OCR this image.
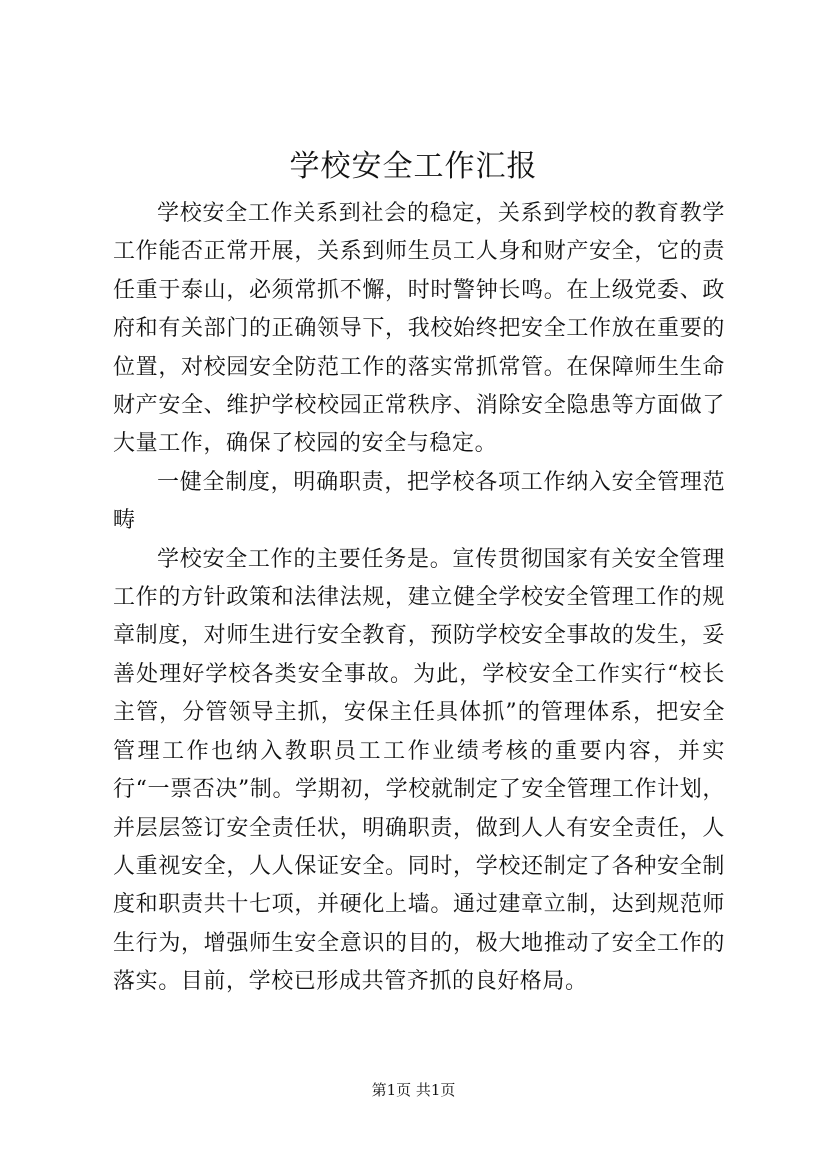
学校安全工作汇报

学校安全工作关系到社会的稳定，关系到学校的教育教学工作能否正常开展，关系到师生员工人身和财产安全，它的责任重于泰山，必须常抓不懈，时时警钟长鸣。在上级党委、政府和有关部门的正确领导下，我校始终把安全工作放在重要的位置，对校园安全防范工作的落实常抓常管。在保障师生生命财产安全、维护学校校园正常秩序、消除安全隐患等方面做了大量工作，确保了校园的安全与稳定。

一健全制度，明确职责，把学校各项工作纳入安全管理范畴

学校安全工作的主要任务是。宣传贯彻国家有关安全管理工作的方针政策和法律法规，建立健全学校安全管理工作的规章制度，对师生进行安全教育，预防学校安全事故的发生，妥善处理好学校各类安全事故。为此，学校安全工作实行“校长主管，分管领导主抓，安保主任具体抓”的管理体系，把安全管理工作也纳入教职员工工作业绩考核的重要内容，并实行“一票否决”制。学期初，学校就制定了安全管理工作计划，并层层签订安全责任状，明确职责，做到人人有安全责任，人人重视安全，人人保证安全。同时，学校还制定了各种安全制度和职责共十七项，并硬化上墙。通过建章立制，达到规范师生行为，增强师生安全意识的目的，极大地推动了安全工作的落实。目前，学校已形成共管齐抓的良好格局。

第1页 共1页
